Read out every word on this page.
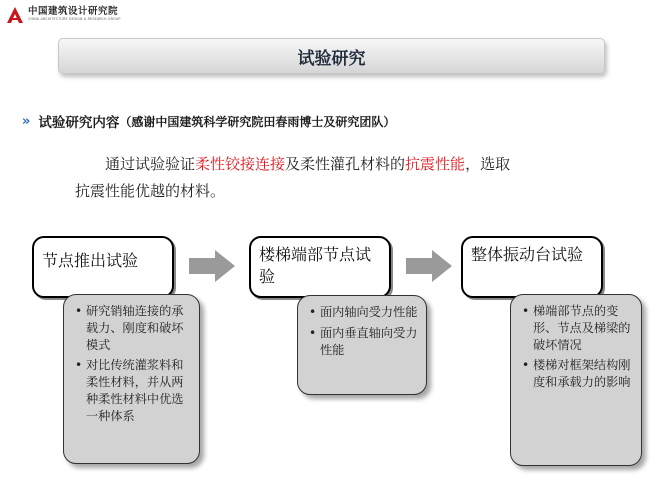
中国建筑设计研究院
CHINA ARCHITECTURE DESIGN & RESEARCH GROUP
试验研究
» 试验研究内容 （感谢中国建筑科学研究院田春雨博士及研究团队）
通过试验验证柔性铰接连接及柔性灌孔材料的抗震性能，选取
抗震性能优越的材料。
节点推出试验
• 研究销轴连接的承载力、刚度和破坏模式
• 对比传统灌浆料和柔性材料，并从两种柔性材料中优选一种体系
楼梯端部节点试验
• 面内轴向受力性能
• 面内垂直轴向受力性能
整体振动台试验
• 梯端部节点的变形、节点及梯梁的破坏情况
• 楼梯对框架结构刚度和承载力的影响
